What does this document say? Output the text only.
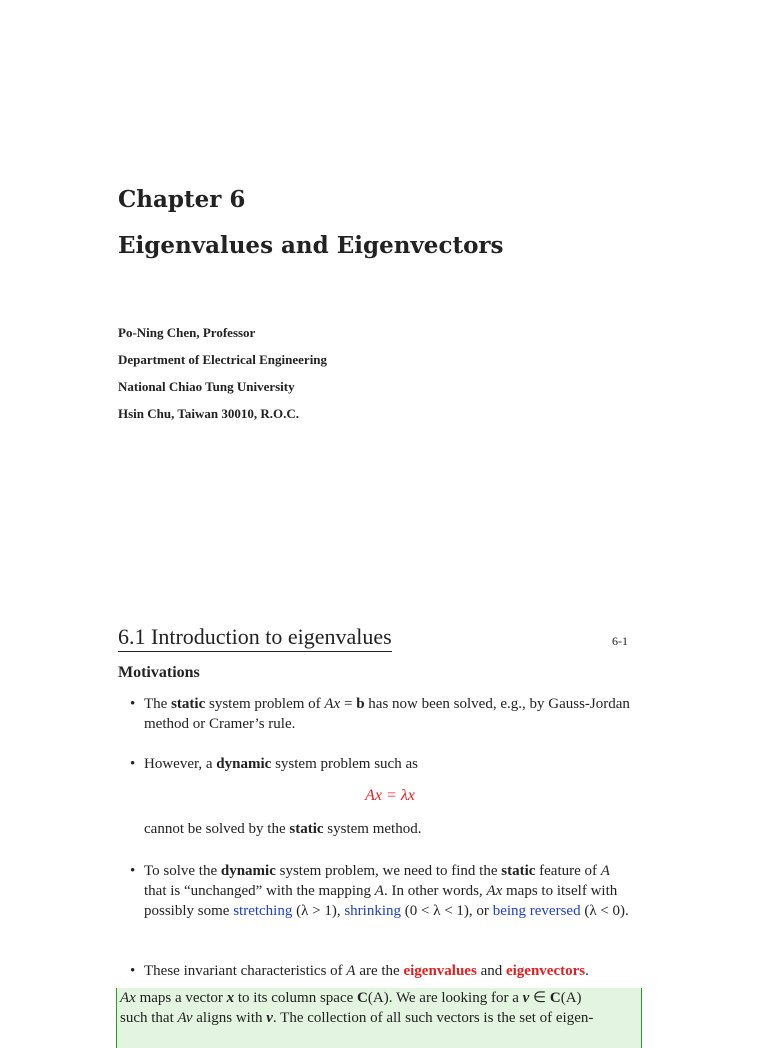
Chapter 6
Eigenvalues and Eigenvectors
Po-Ning Chen, Professor
Department of Electrical Engineering
National Chiao Tung University
Hsin Chu, Taiwan 30010, R.O.C.
6.1 Introduction to eigenvalues	6-1
Motivations
• The static system problem of Ax = b has now been solved, e.g., by Gauss-Jordan method or Cramer’s rule.
• However, a dynamic system problem such as
Ax = λx
cannot be solved by the static system method.
• To solve the dynamic system problem, we need to find the static feature of A that is “unchanged” with the mapping A. In other words, Ax maps to itself with possibly some stretching (λ > 1), shrinking (0 < λ < 1), or being reversed (λ < 0).
• These invariant characteristics of A are the eigenvalues and eigenvectors.
Ax maps a vector x to its column space C(A). We are looking for a v ∈ C(A)
such that Av aligns with v. The collection of all such vectors is the set of eigen-
